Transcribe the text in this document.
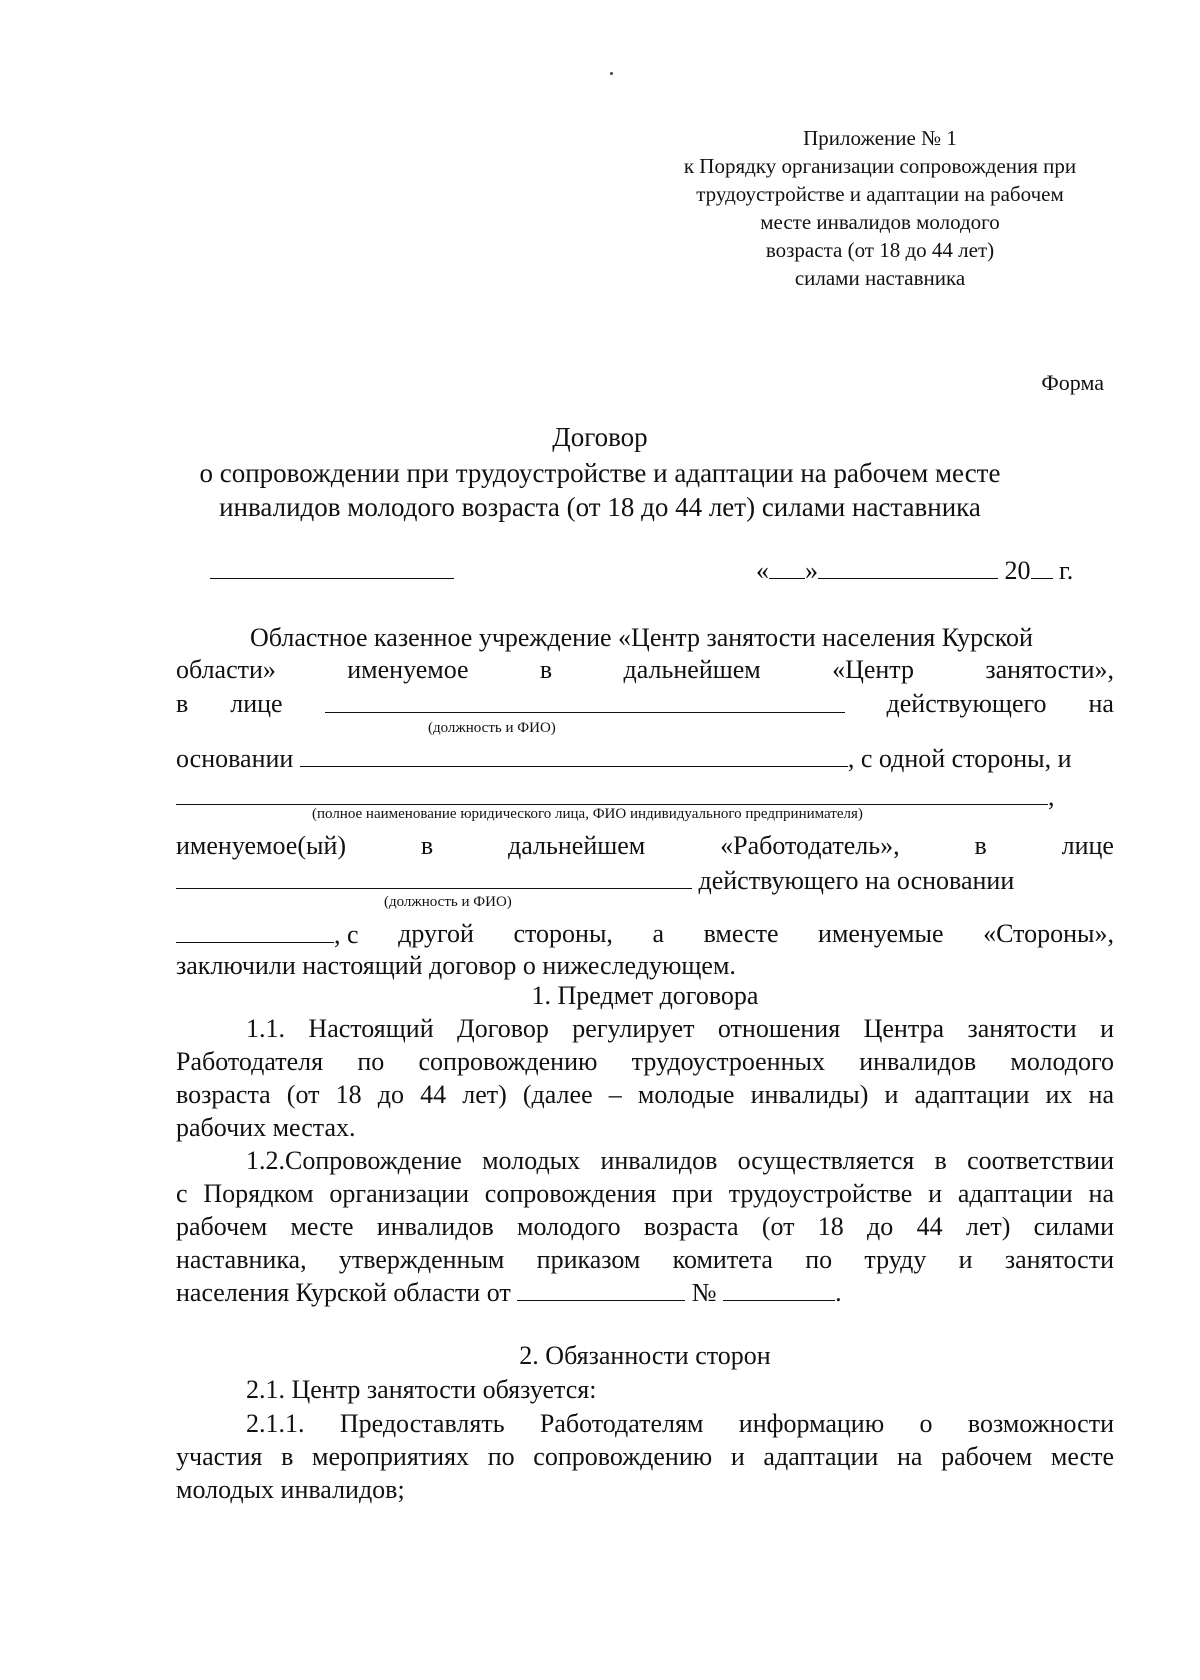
Приложение № 1
к Порядку организации сопровождения при
трудоустройстве и адаптации на рабочем
месте инвалидов молодого
возраста (от 18 до 44 лет)
силами наставника
Форма
Договор
о сопровождении при трудоустройстве и адаптации на рабочем месте
инвалидов молодого возраста (от 18 до 44 лет) силами наставника
« »	20 г.
Областное казенное учреждение «Центр занятости населения Курской
области»	именуемое	в	дальнейшем	«Центр	занятости»,
в лице	действующего на
(должность и ФИО)
основании	, с одной стороны, и
,
(полное наименование юридического лица, ФИО индивидуального предпринимателя)
именуемое(ый)	в	дальнейшем	«Работодатель»,	в	лице
действующего на основании
(должность и ФИО)
, с другой стороны, а вместе именуемые «Стороны»,
заключили настоящий договор о нижеследующем.
1. Предмет договора
1.1. Настоящий Договор регулирует отношения Центра занятости и
Работодателя по сопровождению трудоустроенных инвалидов молодого
возраста (от 18 до 44 лет) (далее – молодые инвалиды) и адаптации их на
рабочих местах.
1.2.Сопровождение молодых инвалидов осуществляется в соответствии
с Порядком организации сопровождения при трудоустройстве и адаптации на
рабочем месте инвалидов молодого возраста (от 18 до 44 лет) силами
наставника, утвержденным приказом комитета по труду и занятости
населения Курской области от	№	.
2. Обязанности сторон
2.1. Центр занятости обязуется:
2.1.1. Предоставлять Работодателям информацию о возможности
участия в мероприятиях по сопровождению и адаптации на рабочем месте
молодых инвалидов;
